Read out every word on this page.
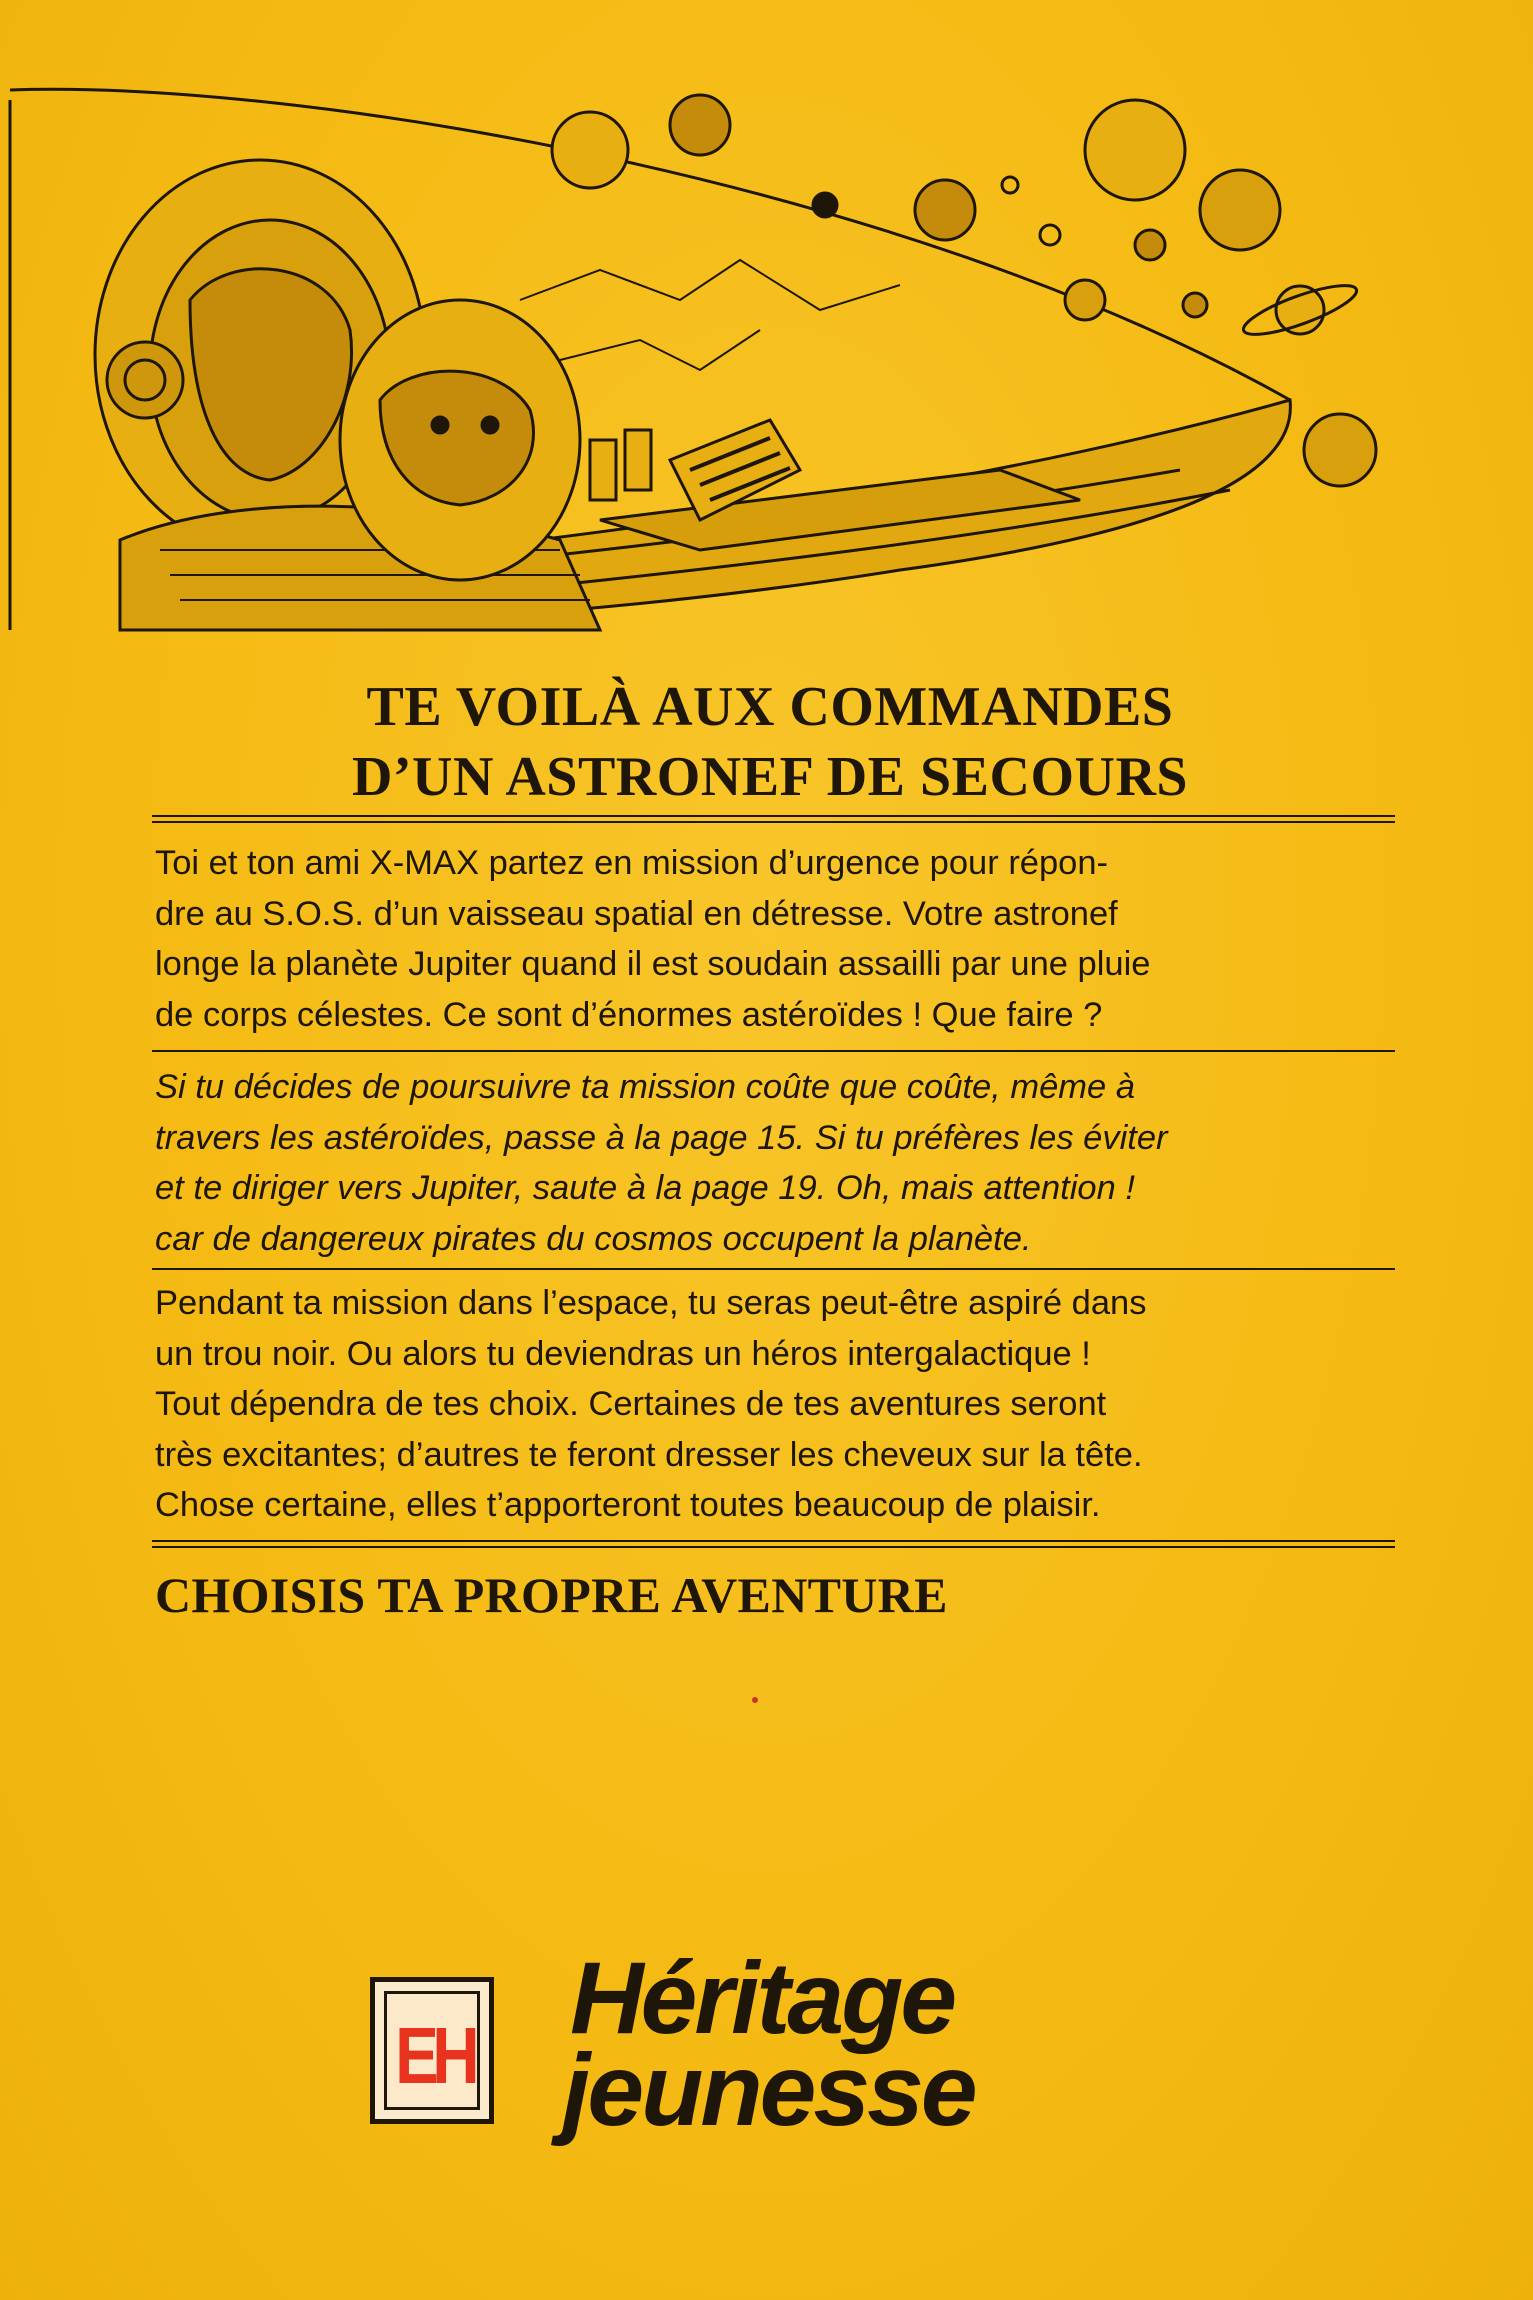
TE VOILÀ AUX COMMANDES
D’UN ASTRONEF DE SECOURS

Toi et ton ami X-MAX partez en mission d’urgence pour répon-
dre au S.O.S. d’un vaisseau spatial en détresse. Votre astronef
longe la planète Jupiter quand il est soudain assailli par une pluie
de corps célestes. Ce sont d’énormes astéroïdes ! Que faire ?

Si tu décides de poursuivre ta mission coûte que coûte, même à
travers les astéroïdes, passe à la page 15. Si tu préfères les éviter
et te diriger vers Jupiter, saute à la page 19. Oh, mais attention !
car de dangereux pirates du cosmos occupent la planète.

Pendant ta mission dans l’espace, tu seras peut-être aspiré dans
un trou noir. Ou alors tu deviendras un héros intergalactique !
Tout dépendra de tes choix. Certaines de tes aventures seront
très excitantes; d’autres te feront dresser les cheveux sur la tête.
Chose certaine, elles t’apporteront toutes beaucoup de plaisir.

CHOISIS TA PROPRE AVENTURE

EH
Héritage
jeunesse
